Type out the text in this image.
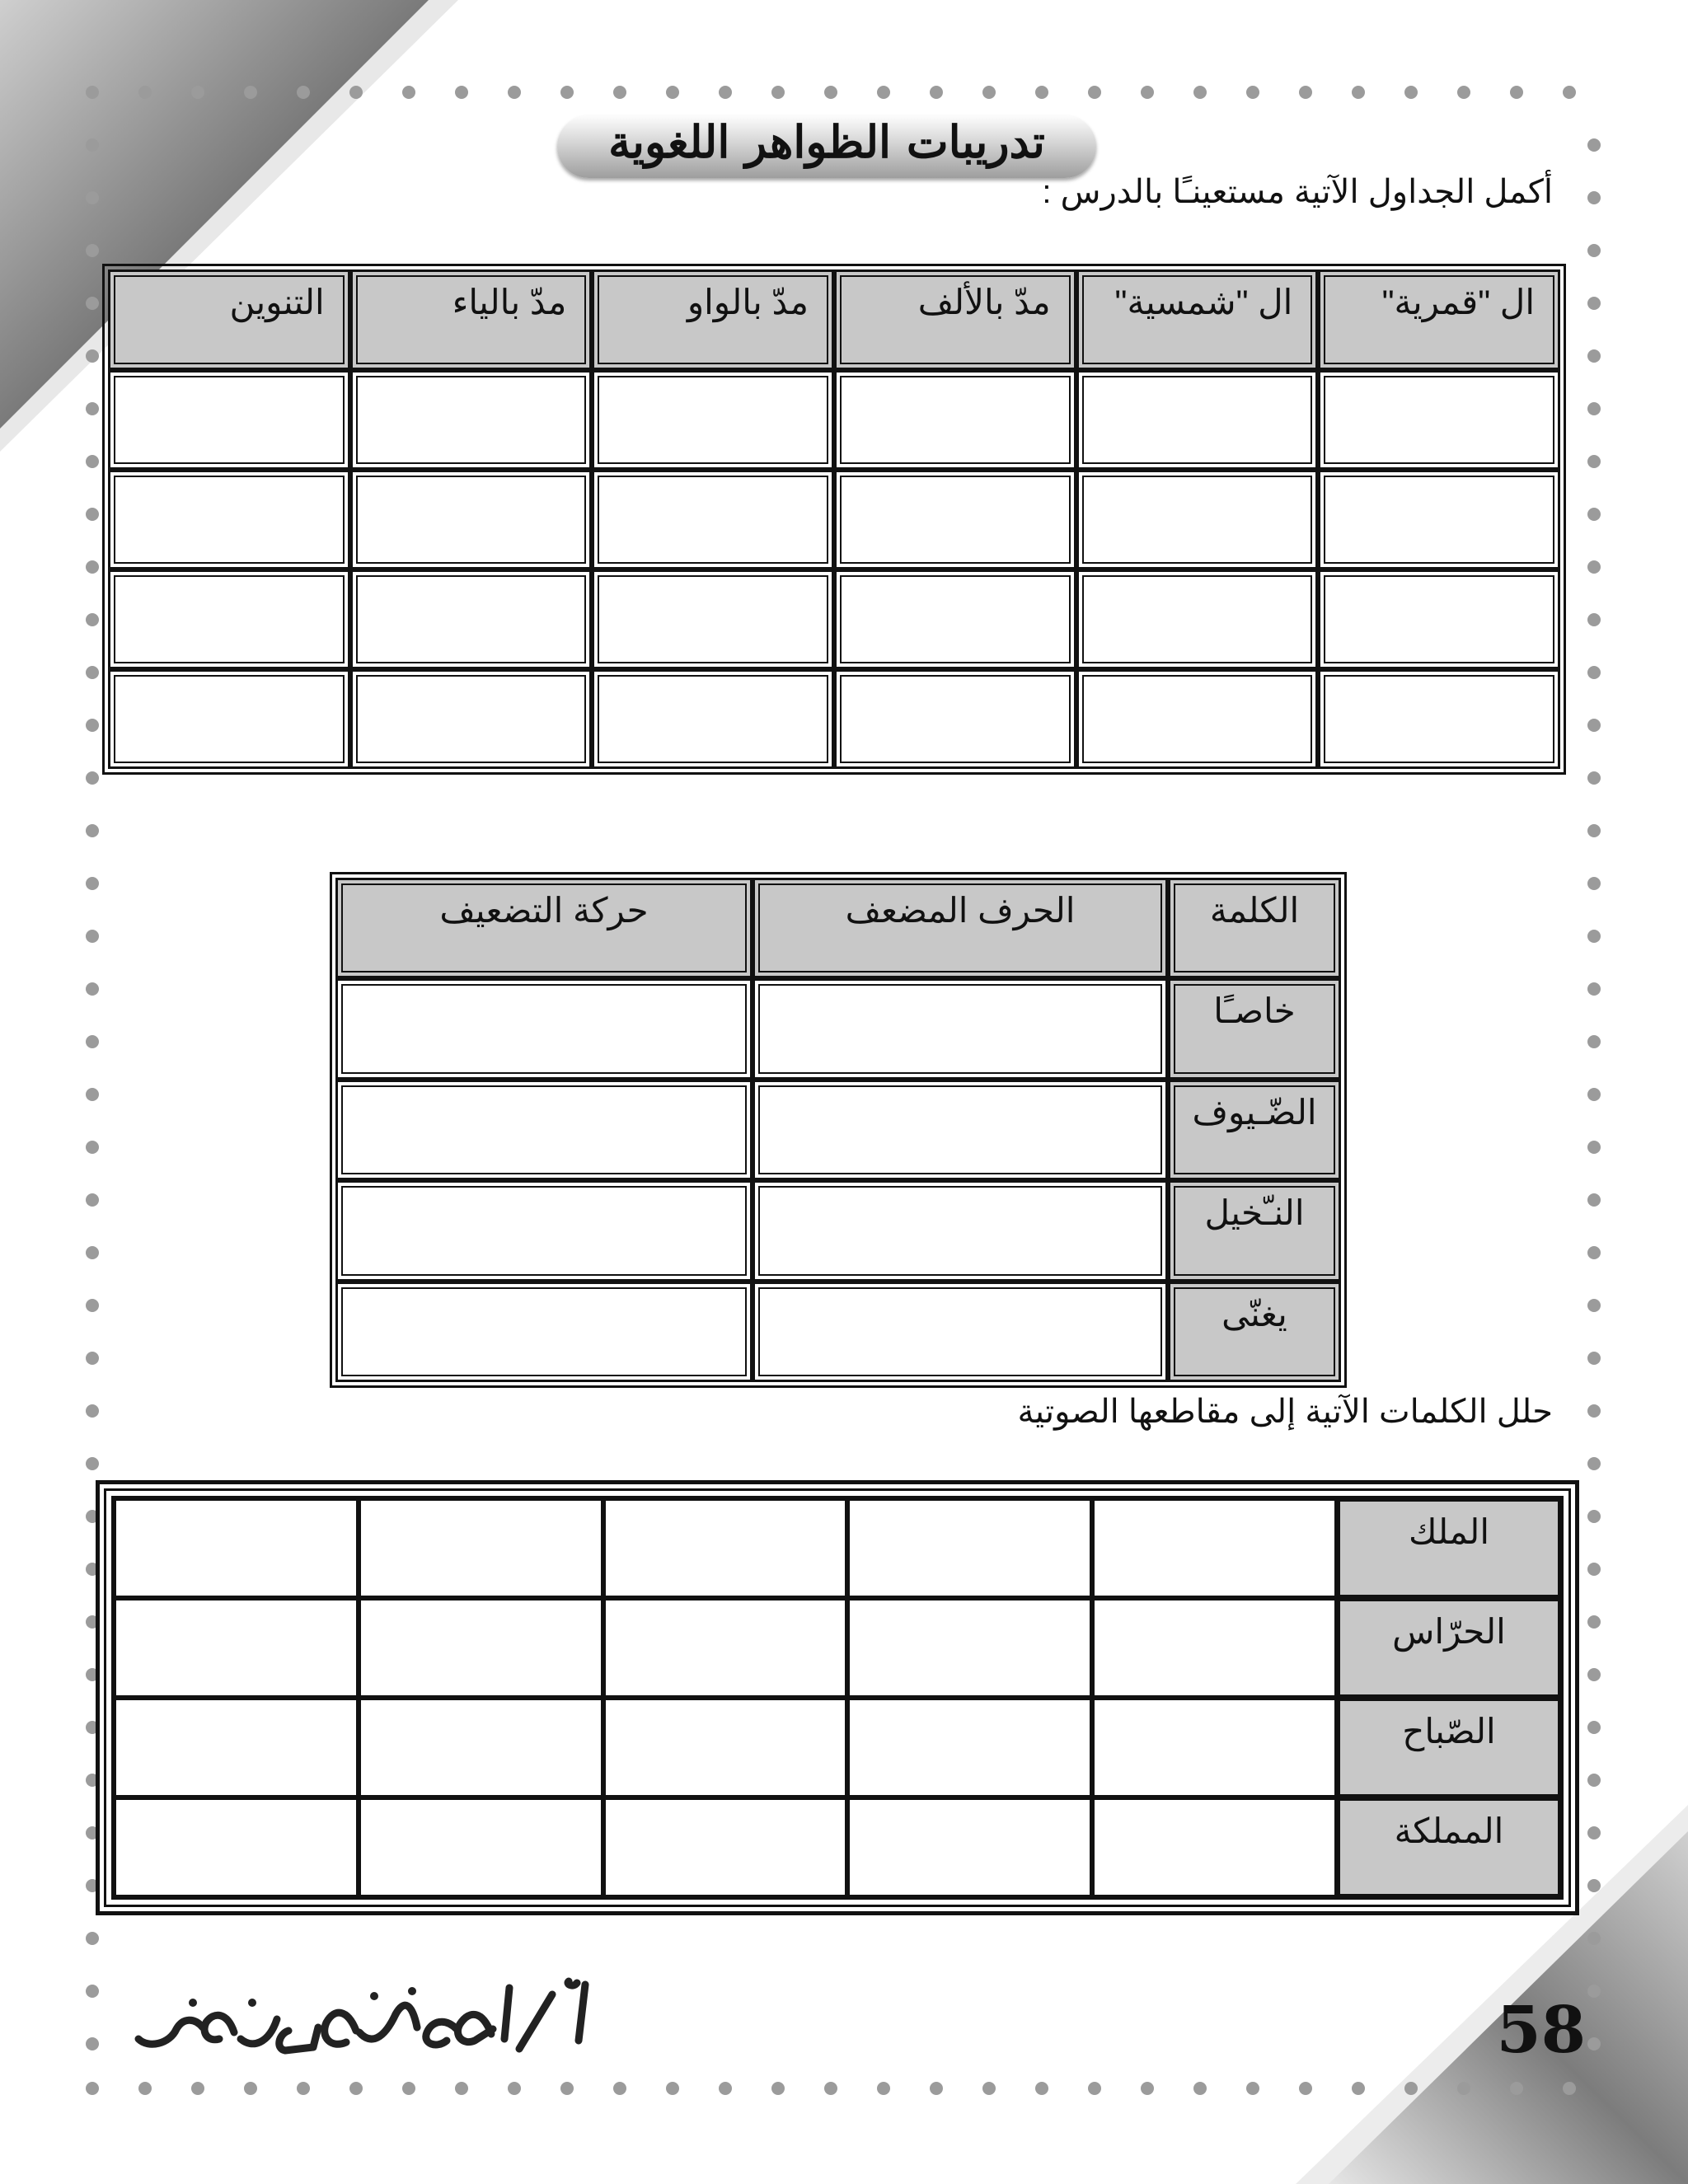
تدريبات الظواهر اللغوية
أكمل الجداول الآتية مستعينـًا بالدرس :
ال "قمرية"
ال "شمسية"
مدّ بالألف
مدّ بالواو
مدّ بالياء
التنوين
الكلمة
الحرف المضعف
حركة التضعيف
خاصـًا
الضّـيوف
النـّخيل
يغنّى
حلل الكلمات الآتية إلى مقاطعها الصوتية
الملك
الحرّاس
الصّباح
المملكة
58
